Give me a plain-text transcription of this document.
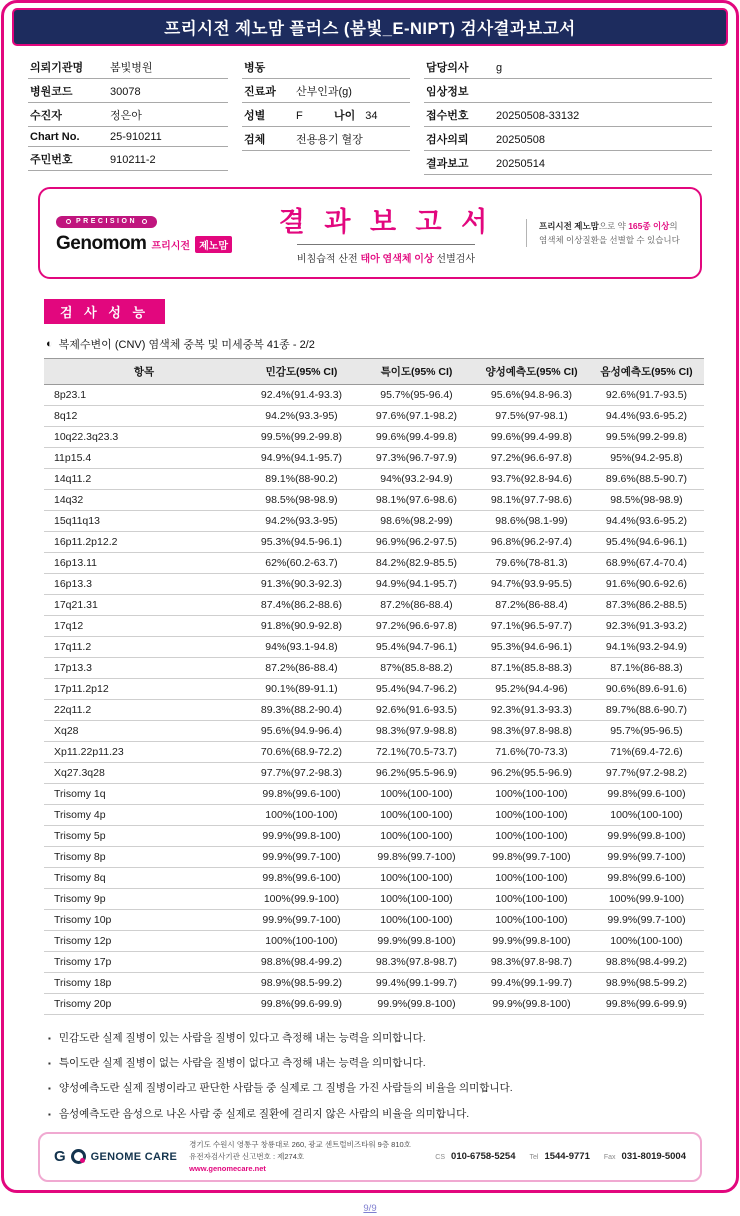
프리시전 제노맘 플러스 (봄빛_E-NIPT) 검사결과보고서
의뢰기관명	봄빛병원
병원코드	30078
수진자	정은아
Chart No.	25-910211
주민번호	910211-2
병동
진료과	산부인과(g)
성별	F	나이 34
검체	전용용기 혈장
담당의사	g
임상정보
접수번호	20250508-33132
검사의뢰	20250508
결과보고	20250514
PRECISION
Genomom 프리시전 제노맘
결 과 보 고 서
비침습적 산전 태아 염색체 이상 선별검사
프리시전 제노맘으로 약 165종 이상의
염색체 이상질환을 선별할 수 있습니다
검 사 성 능
◐ 복제수변이 (CNV) 염색체 중복 및 미세중복 41종 - 2/2
항목	민감도(95% CI)	특이도(95% CI)	양성예측도(95% CI)	음성예측도(95% CI)
8p23.1	92.4%(91.4-93.3)	95.7%(95-96.4)	95.6%(94.8-96.3)	92.6%(91.7-93.5)
8q12	94.2%(93.3-95)	97.6%(97.1-98.2)	97.5%(97-98.1)	94.4%(93.6-95.2)
10q22.3q23.3	99.5%(99.2-99.8)	99.6%(99.4-99.8)	99.6%(99.4-99.8)	99.5%(99.2-99.8)
11p15.4	94.9%(94.1-95.7)	97.3%(96.7-97.9)	97.2%(96.6-97.8)	95%(94.2-95.8)
14q11.2	89.1%(88-90.2)	94%(93.2-94.9)	93.7%(92.8-94.6)	89.6%(88.5-90.7)
14q32	98.5%(98-98.9)	98.1%(97.6-98.6)	98.1%(97.7-98.6)	98.5%(98-98.9)
15q11q13	94.2%(93.3-95)	98.6%(98.2-99)	98.6%(98.1-99)	94.4%(93.6-95.2)
16p11.2p12.2	95.3%(94.5-96.1)	96.9%(96.2-97.5)	96.8%(96.2-97.4)	95.4%(94.6-96.1)
16p13.11	62%(60.2-63.7)	84.2%(82.9-85.5)	79.6%(78-81.3)	68.9%(67.4-70.4)
16p13.3	91.3%(90.3-92.3)	94.9%(94.1-95.7)	94.7%(93.9-95.5)	91.6%(90.6-92.6)
17q21.31	87.4%(86.2-88.6)	87.2%(86-88.4)	87.2%(86-88.4)	87.3%(86.2-88.5)
17q12	91.8%(90.9-92.8)	97.2%(96.6-97.8)	97.1%(96.5-97.7)	92.3%(91.3-93.2)
17q11.2	94%(93.1-94.8)	95.4%(94.7-96.1)	95.3%(94.6-96.1)	94.1%(93.2-94.9)
17p13.3	87.2%(86-88.4)	87%(85.8-88.2)	87.1%(85.8-88.3)	87.1%(86-88.3)
17p11.2p12	90.1%(89-91.1)	95.4%(94.7-96.2)	95.2%(94.4-96)	90.6%(89.6-91.6)
22q11.2	89.3%(88.2-90.4)	92.6%(91.6-93.5)	92.3%(91.3-93.3)	89.7%(88.6-90.7)
Xq28	95.6%(94.9-96.4)	98.3%(97.9-98.8)	98.3%(97.8-98.8)	95.7%(95-96.5)
Xp11.22p11.23	70.6%(68.9-72.2)	72.1%(70.5-73.7)	71.6%(70-73.3)	71%(69.4-72.6)
Xq27.3q28	97.7%(97.2-98.3)	96.2%(95.5-96.9)	96.2%(95.5-96.9)	97.7%(97.2-98.2)
Trisomy 1q	99.8%(99.6-100)	100%(100-100)	100%(100-100)	99.8%(99.6-100)
Trisomy 4p	100%(100-100)	100%(100-100)	100%(100-100)	100%(100-100)
Trisomy 5p	99.9%(99.8-100)	100%(100-100)	100%(100-100)	99.9%(99.8-100)
Trisomy 8p	99.9%(99.7-100)	99.8%(99.7-100)	99.8%(99.7-100)	99.9%(99.7-100)
Trisomy 8q	99.8%(99.6-100)	100%(100-100)	100%(100-100)	99.8%(99.6-100)
Trisomy 9p	100%(99.9-100)	100%(100-100)	100%(100-100)	100%(99.9-100)
Trisomy 10p	99.9%(99.7-100)	100%(100-100)	100%(100-100)	99.9%(99.7-100)
Trisomy 12p	100%(100-100)	99.9%(99.8-100)	99.9%(99.8-100)	100%(100-100)
Trisomy 17p	98.8%(98.4-99.2)	98.3%(97.8-98.7)	98.3%(97.8-98.7)	98.8%(98.4-99.2)
Trisomy 18p	98.9%(98.5-99.2)	99.4%(99.1-99.7)	99.4%(99.1-99.7)	98.9%(98.5-99.2)
Trisomy 20p	99.8%(99.6-99.9)	99.9%(99.8-100)	99.9%(99.8-100)	99.8%(99.6-99.9)
▪ 민감도란 실제 질병이 있는 사람을 질병이 있다고 측정해 내는 능력을 의미합니다.
▪ 특이도란 실제 질병이 없는 사람을 질병이 없다고 측정해 내는 능력을 의미합니다.
▪ 양성예측도란 실제 질병이라고 판단한 사람들 중 실제로 그 질병을 가진 사람들의 비율을 의미합니다.
▪ 음성예측도란 음성으로 나온 사람 중 실제로 질환에 걸리지 않은 사람의 비율을 의미합니다.
G GENOME CARE
경기도 수원시 영통구 창룡대로 260, 광교 센트럴비즈타워 9층 810호
유전자검사기관 신고번호 : 제274호
www.genomecare.net
CS 010-6758-5254 Tel 1544-9771 Fax 031-8019-5004
9/9
